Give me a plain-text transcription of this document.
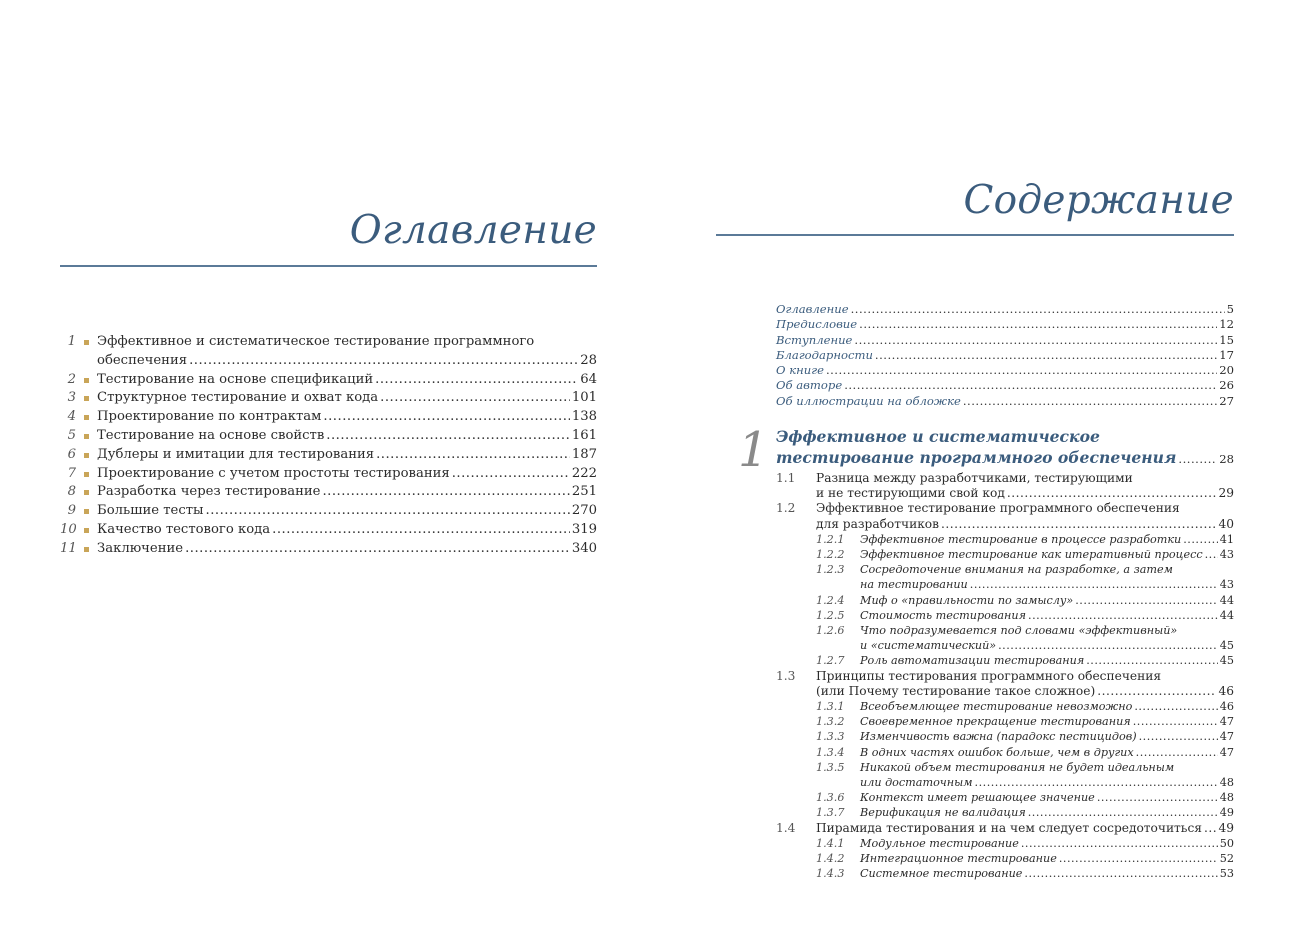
Оглавление
1 Эффективное и систематическое тестирование программного
обеспечения .....	28
2 Тестирование на основе спецификаций .....	64
3 Структурное тестирование и охват кода .....	101
4 Проектирование по контрактам .....	138
5 Тестирование на основе свойств .....	161
6 Дублеры и имитации для тестирования .....	187
7 Проектирование с учетом простоты тестирования .....	222
8 Разработка через тестирование .....	251
9 Большие тесты .....	270
10 Качество тестового кода .....	319
11 Заключение .....	340
Содержание
Оглавление .....	5
Предисловие .....	12
Вступление .....	15
Благодарности .....	17
О книге .....	20
Об авторе .....	26
Об иллюстрации на обложке .....	27
1 Эффективное и систематическое
тестирование программного обеспечения .....	28
1.1 Разница между разработчиками, тестирующими
и не тестирующими свой код .....	29
1.2 Эффективное тестирование программного обеспечения
для разработчиков .....	40
1.2.1 Эффективное тестирование в процессе разработки .....	41
1.2.2 Эффективное тестирование как итеративный процесс ..... 43
1.2.3 Сосредоточение внимания на разработке, а затем
на тестировании .....	43
1.2.4 Миф о «правильности по замыслу» .....	44
1.2.5 Стоимость тестирования .....	44
1.2.6 Что подразумевается под словами «эффективный»
и «систематический» .....	45
1.2.7 Роль автоматизации тестирования .....	45
1.3 Принципы тестирования программного обеспечения
(или Почему тестирование такое сложное) .....	46
1.3.1 Всеобъемлющее тестирование невозможно .....	46
1.3.2 Своевременное прекращение тестирования .....	47
1.3.3 Изменчивость важна (парадокс пестицидов) .....	47
1.3.4 В одних частях ошибок больше, чем в других .....	47
1.3.5 Никакой объем тестирования не будет идеальным
или достаточным .....	48
1.3.6 Контекст имеет решающее значение .....	48
1.3.7 Верификация не валидация .....	49
1.4 Пирамида тестирования и на чем следует сосредоточиться ..... 49
1.4.1 Модульное тестирование .....	50
1.4.2 Интеграционное тестирование .....	52
1.4.3 Системное тестирование .....	53
